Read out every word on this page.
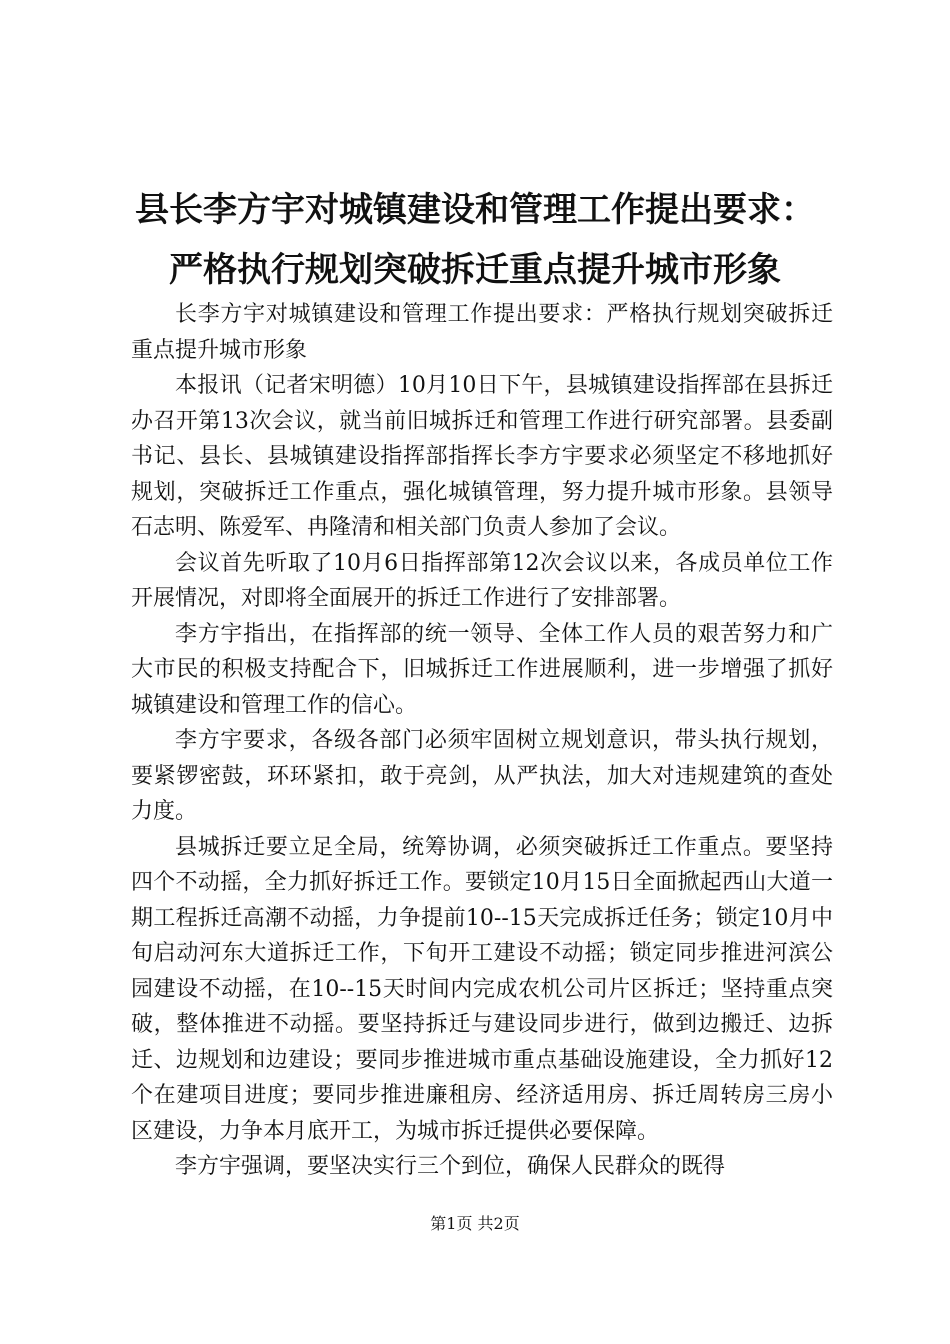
县长李方宇对城镇建设和管理工作提出要求：
严格执行规划突破拆迁重点提升城市形象

长李方宇对城镇建设和管理工作提出要求：严格执行规划突破拆迁重点提升城市形象

本报讯（记者宋明德）10月10日下午，县城镇建设指挥部在县拆迁办召开第13次会议，就当前旧城拆迁和管理工作进行研究部署。县委副书记、县长、县城镇建设指挥部指挥长李方宇要求必须坚定不移地抓好规划，突破拆迁工作重点，强化城镇管理，努力提升城市形象。县领导石志明、陈爱军、冉隆清和相关部门负责人参加了会议。

会议首先听取了10月6日指挥部第12次会议以来，各成员单位工作开展情况，对即将全面展开的拆迁工作进行了安排部署。

李方宇指出，在指挥部的统一领导、全体工作人员的艰苦努力和广大市民的积极支持配合下，旧城拆迁工作进展顺利，进一步增强了抓好城镇建设和管理工作的信心。

李方宇要求，各级各部门必须牢固树立规划意识，带头执行规划，要紧锣密鼓，环环紧扣，敢于亮剑，从严执法，加大对违规建筑的查处力度。

县城拆迁要立足全局，统筹协调，必须突破拆迁工作重点。要坚持四个不动摇，全力抓好拆迁工作。要锁定10月15日全面掀起西山大道一期工程拆迁高潮不动摇，力争提前10--15天完成拆迁任务；锁定10月中旬启动河东大道拆迁工作，下旬开工建设不动摇；锁定同步推进河滨公园建设不动摇，在10--15天时间内完成农机公司片区拆迁；坚持重点突破，整体推进不动摇。要坚持拆迁与建设同步进行，做到边搬迁、边拆迁、边规划和边建设；要同步推进城市重点基础设施建设，全力抓好12个在建项目进度；要同步推进廉租房、经济适用房、拆迁周转房三房小区建设，力争本月底开工，为城市拆迁提供必要保障。

李方宇强调，要坚决实行三个到位，确保人民群众的既得

第1页 共2页
